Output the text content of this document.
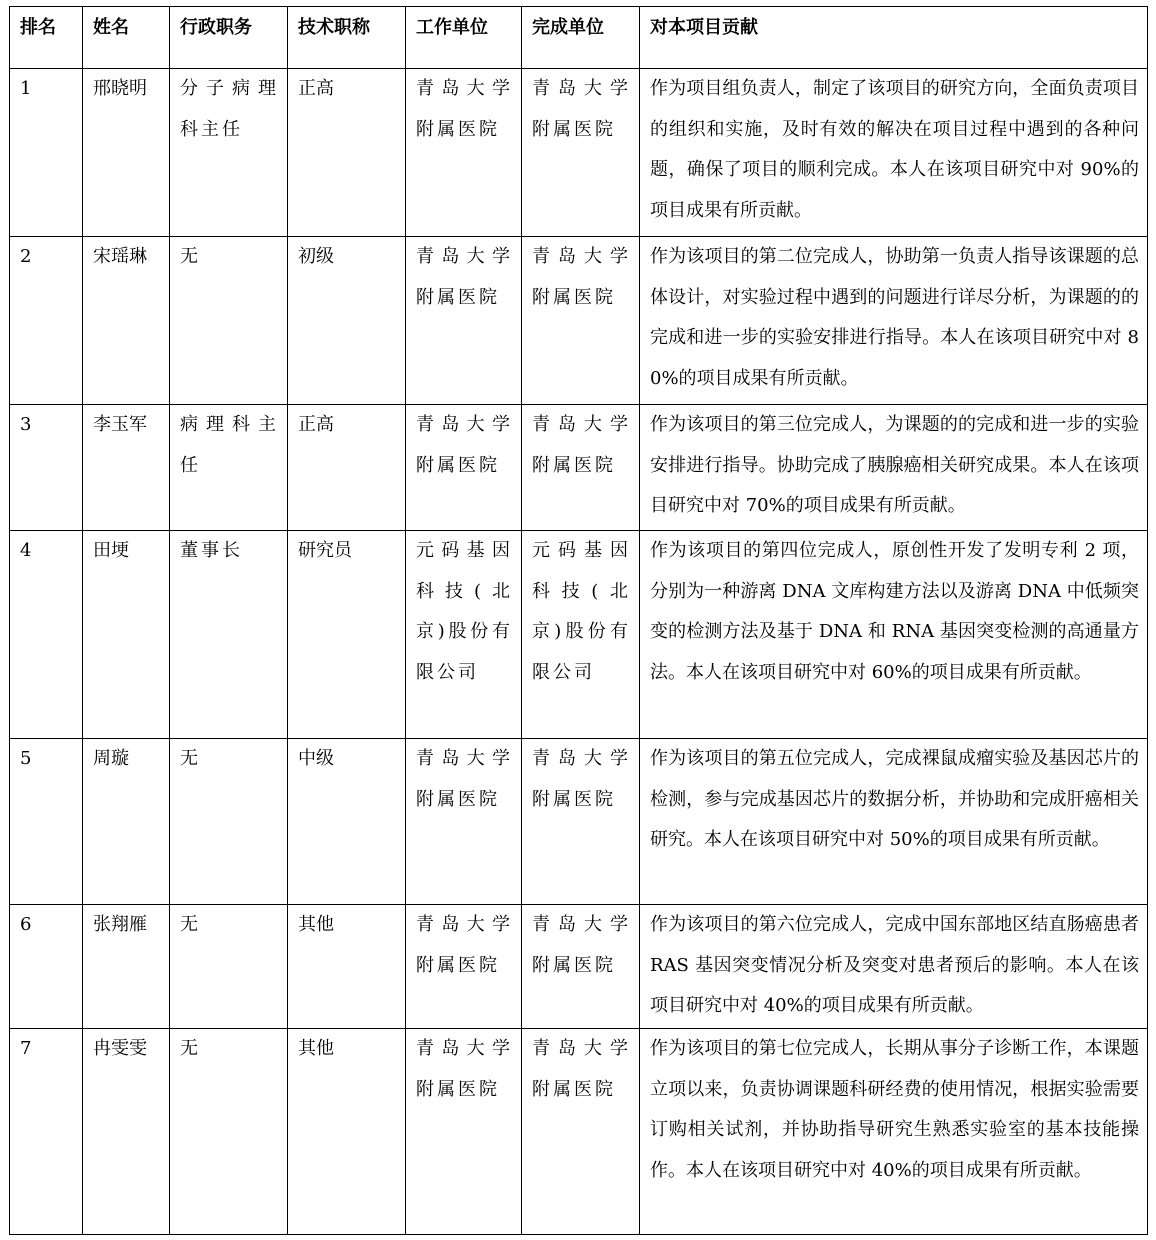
排名	姓名	行政职务	技术职称	工作单位	完成单位	对本项目贡献
1	邢晓明	分子病理科主任	正高	青岛大学附属医院	青岛大学附属医院	作为项目组负责人，制定了该项目的研究方向，全面负责项目的组织和实施，及时有效的解决在项目过程中遇到的各种问题，确保了项目的顺利完成。本人在该项目研究中对 90%的项目成果有所贡献。
2	宋瑶琳	无	初级	青岛大学附属医院	青岛大学附属医院	作为该项目的第二位完成人，协助第一负责人指导该课题的总体设计，对实验过程中遇到的问题进行详尽分析，为课题的的完成和进一步的实验安排进行指导。本人在该项目研究中对 80%的项目成果有所贡献。
3	李玉军	病理科主任	正高	青岛大学附属医院	青岛大学附属医院	作为该项目的第三位完成人，为课题的的完成和进一步的实验安排进行指导。协助完成了胰腺癌相关研究成果。本人在该项目研究中对 70%的项目成果有所贡献。
4	田埂	董事长	研究员	元码基因科技(北京)股份有限公司	元码基因科技(北京)股份有限公司	作为该项目的第四位完成人，原创性开发了发明专利 2 项，分别为一种游离 DNA 文库构建方法以及游离 DNA 中低频突变的检测方法及基于 DNA 和 RNA 基因突变检测的高通量方法。本人在该项目研究中对 60%的项目成果有所贡献。
5	周璇	无	中级	青岛大学附属医院	青岛大学附属医院	作为该项目的第五位完成人，完成裸鼠成瘤实验及基因芯片的检测，参与完成基因芯片的数据分析，并协助和完成肝癌相关研究。本人在该项目研究中对 50%的项目成果有所贡献。
6	张翔雁	无	其他	青岛大学附属医院	青岛大学附属医院	作为该项目的第六位完成人，完成中国东部地区结直肠癌患者 RAS 基因突变情况分析及突变对患者预后的影响。本人在该项目研究中对 40%的项目成果有所贡献。
7	冉雯雯	无	其他	青岛大学附属医院	青岛大学附属医院	作为该项目的第七位完成人，长期从事分子诊断工作，本课题立项以来，负责协调课题科研经费的使用情况，根据实验需要订购相关试剂，并协助指导研究生熟悉实验室的基本技能操作。本人在该项目研究中对 40%的项目成果有所贡献。
